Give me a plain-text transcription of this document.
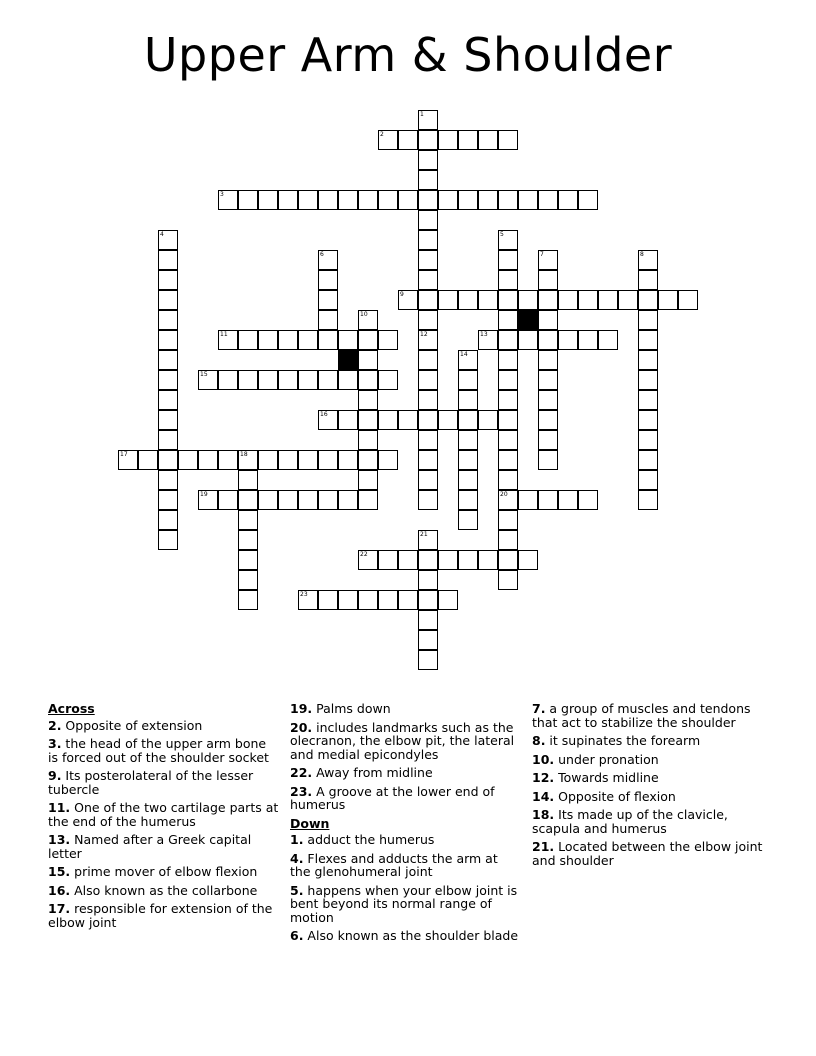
Upper Arm & Shoulder
1
12
2
3
4	5
20
6	7	8
9
10
11	13
14
15
16
17	18
19
21
22
23
Across
2. Opposite of extension
3. the head of the upper arm bone is forced out of the shoulder socket
9. Its posterolateral of the lesser tubercle
11. One of the two cartilage parts at the end of the humerus
13. Named after a Greek capital letter
15. prime mover of elbow flexion
16. Also known as the collarbone
17. responsible for extension of the elbow joint
19. Palms down
20. includes landmarks such as the olecranon, the elbow pit, the lateral and medial epicondyles
22. Away from midline
23. A groove at the lower end of humerus
Down
1. adduct the humerus
4. Flexes and adducts the arm at the glenohumeral joint
5. happens when your elbow joint is bent beyond its normal range of motion
6. Also known as the shoulder blade
7. a group of muscles and tendons that act to stabilize the shoulder
8. it supinates the forearm
10. under pronation
12. Towards midline
14. Opposite of flexion
18. Its made up of the clavicle, scapula and humerus
21. Located between the elbow joint and shoulder
